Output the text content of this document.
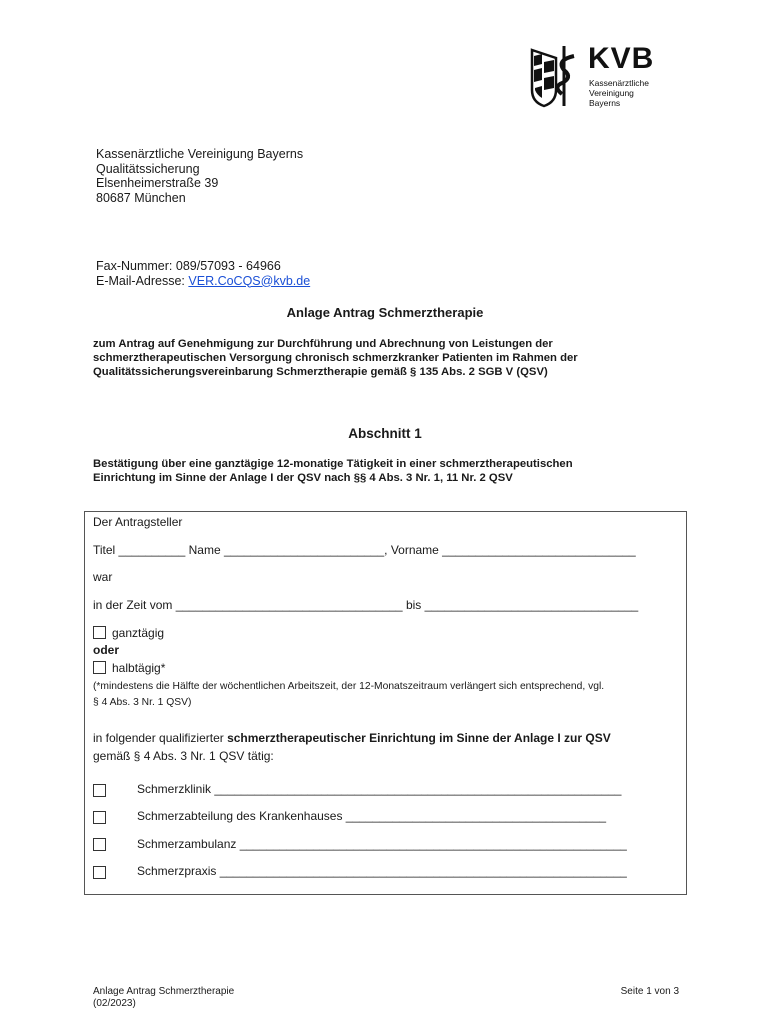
KVB
Kassenärztliche
Vereinigung
Bayerns
Kassenärztliche Vereinigung Bayerns
Qualitätssicherung
Elsenheimerstraße 39
80687 München
Fax-Nummer: 089/57093 - 64966
E-Mail-Adresse: VER.CoCQS@kvb.de
Anlage Antrag Schmerztherapie
zum Antrag auf Genehmigung zur Durchführung und Abrechnung von Leistungen der
schmerztherapeutischen Versorgung chronisch schmerzkranker Patienten im Rahmen der
Qualitätssicherungsvereinbarung Schmerztherapie gemäß § 135 Abs. 2 SGB V (QSV)
Abschnitt 1
Bestätigung über eine ganztägige 12-monatige Tätigkeit in einer schmerztherapeutischen
Einrichtung im Sinne der Anlage I der QSV nach §§ 4 Abs. 3 Nr. 1, 11 Nr. 2 QSV
Der Antragsteller
Titel __________ Name ________________________, Vorname _____________________________
war
in der Zeit vom __________________________________ bis ________________________________
ganztägig
oder
halbtägig*
(*mindestens die Hälfte der wöchentlichen Arbeitszeit, der 12-Monatszeitraum verlängert sich entsprechend, vgl.
§ 4 Abs. 3 Nr. 1 QSV)
in folgender qualifizierter schmerztherapeutischer Einrichtung im Sinne der Anlage I zur QSV
gemäß § 4 Abs. 3 Nr. 1 QSV tätig:
Schmerzklinik _____________________________________________________________
Schmerzabteilung des Krankenhauses _______________________________________
Schmerzambulanz __________________________________________________________
Schmerzpraxis _____________________________________________________________
Anlage Antrag Schmerztherapie
(02/2023)
Seite 1 von 3
